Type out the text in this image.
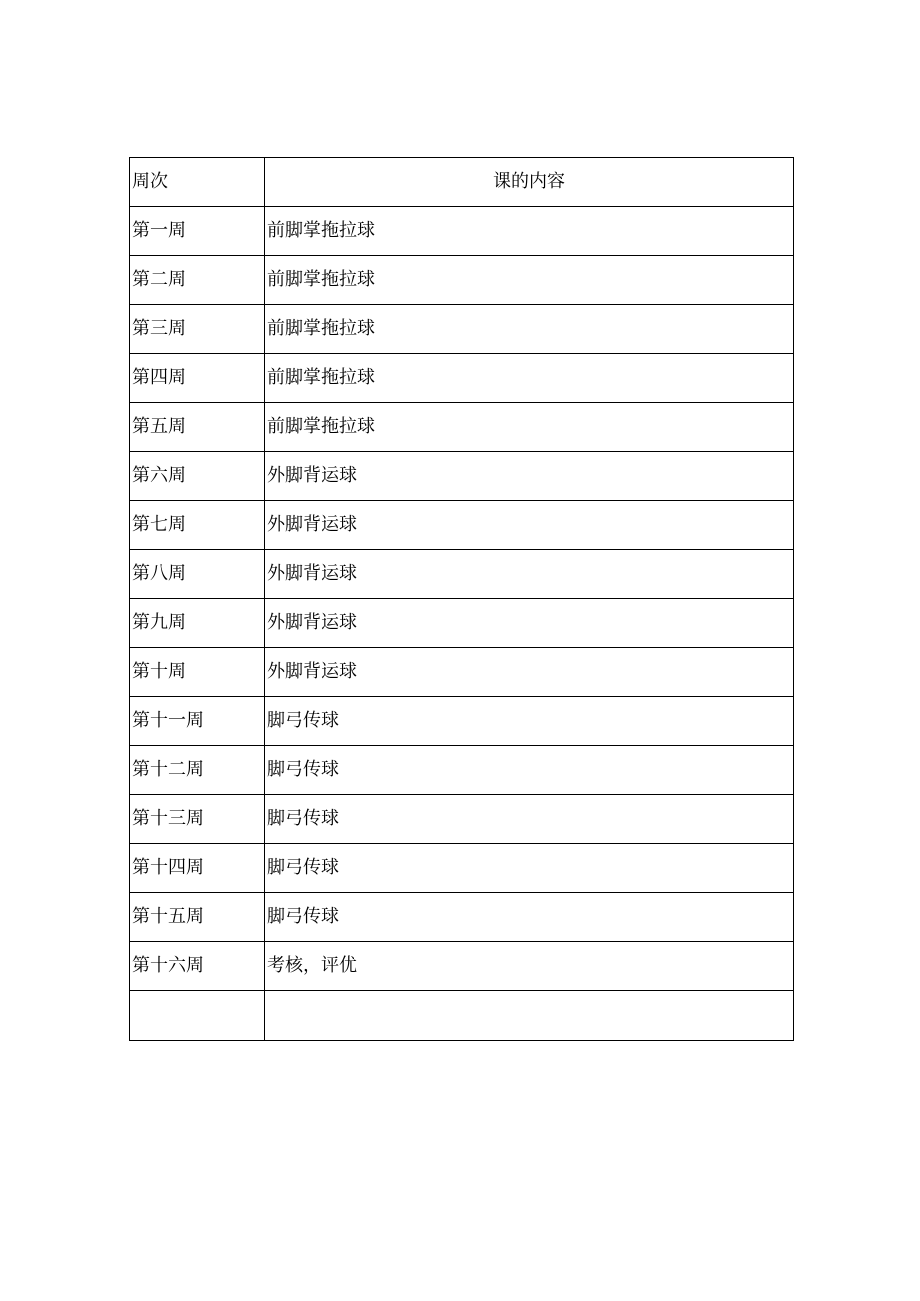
周次	课的内容
第一周	前脚掌拖拉球
第二周	前脚掌拖拉球
第三周	前脚掌拖拉球
第四周	前脚掌拖拉球
第五周	前脚掌拖拉球
第六周	外脚背运球
第七周	外脚背运球
第八周	外脚背运球
第九周	外脚背运球
第十周	外脚背运球
第十一周	脚弓传球
第十二周	脚弓传球
第十三周	脚弓传球
第十四周	脚弓传球
第十五周	脚弓传球
第十六周	考核，评优
